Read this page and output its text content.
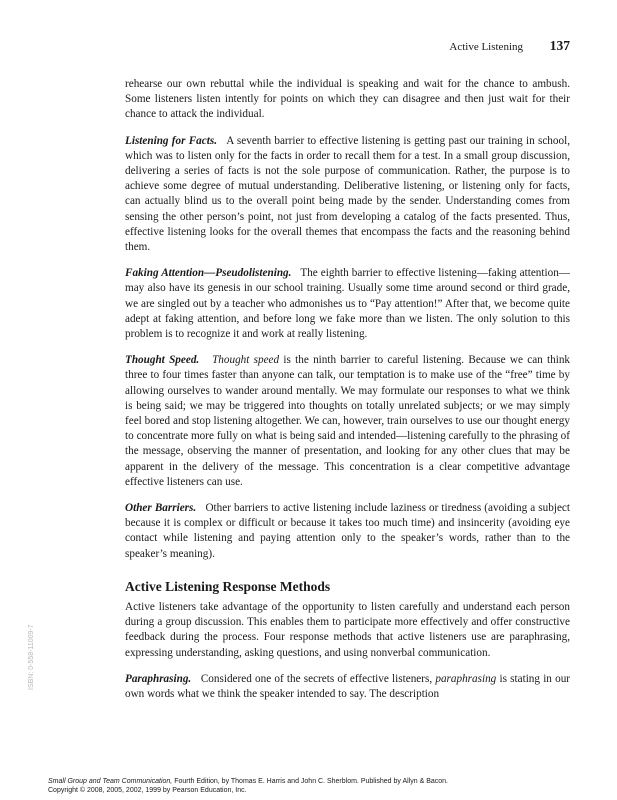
Active Listening 137

rehearse our own rebuttal while the individual is speaking and wait for the chance to ambush. Some listeners listen intently for points on which they can disagree and then just wait for their chance to attack the individual.

Listening for Facts. A seventh barrier to effective listening is getting past our training in school, which was to listen only for the facts in order to recall them for a test. In a small group discussion, delivering a series of facts is not the sole purpose of communication. Rather, the purpose is to achieve some degree of mutual understanding. Deliberative listening, or listening only for facts, can actually blind us to the overall point being made by the sender. Understanding comes from sensing the other person’s point, not just from developing a catalog of the facts presented. Thus, effective listening looks for the overall themes that encompass the facts and the reasoning behind them.

Faking Attention—Pseudolistening. The eighth barrier to effective listening—faking attention—may also have its genesis in our school training. Usually some time around second or third grade, we are singled out by a teacher who admonishes us to “Pay attention!” After that, we become quite adept at faking attention, and before long we fake more than we listen. The only solution to this problem is to recognize it and work at really listening.

Thought Speed. Thought speed is the ninth barrier to careful listening. Because we can think three to four times faster than anyone can talk, our temptation is to make use of the “free” time by allowing ourselves to wander around mentally. We may formulate our responses to what we think is being said; we may be triggered into thoughts on totally unrelated subjects; or we may simply feel bored and stop listening altogether. We can, however, train ourselves to use our thought energy to concentrate more fully on what is being said and intended—listening carefully to the phrasing of the message, observing the manner of presentation, and looking for any other clues that may be apparent in the delivery of the message. This concentration is a clear competitive advantage effective listeners can use.

Other Barriers. Other barriers to active listening include laziness or tiredness (avoiding a subject because it is complex or difficult or because it takes too much time) and insincerity (avoiding eye contact while listening and paying attention only to the speaker’s words, rather than to the speaker’s meaning).

Active Listening Response Methods

Active listeners take advantage of the opportunity to listen carefully and understand each person during a group discussion. This enables them to participate more effectively and offer constructive feedback during the process. Four response methods that active listeners use are paraphrasing, expressing understanding, asking questions, and using nonverbal communication.

Paraphrasing. Considered one of the secrets of effective listeners, paraphrasing is stating in our own words what we think the speaker intended to say. The description

ISBN: 0-558-11009-7
Small Group and Team Communication, Fourth Edition, by Thomas E. Harris and John C. Sherblom. Published by Allyn & Bacon.
Copyright © 2008, 2005, 2002, 1999 by Pearson Education, Inc.
